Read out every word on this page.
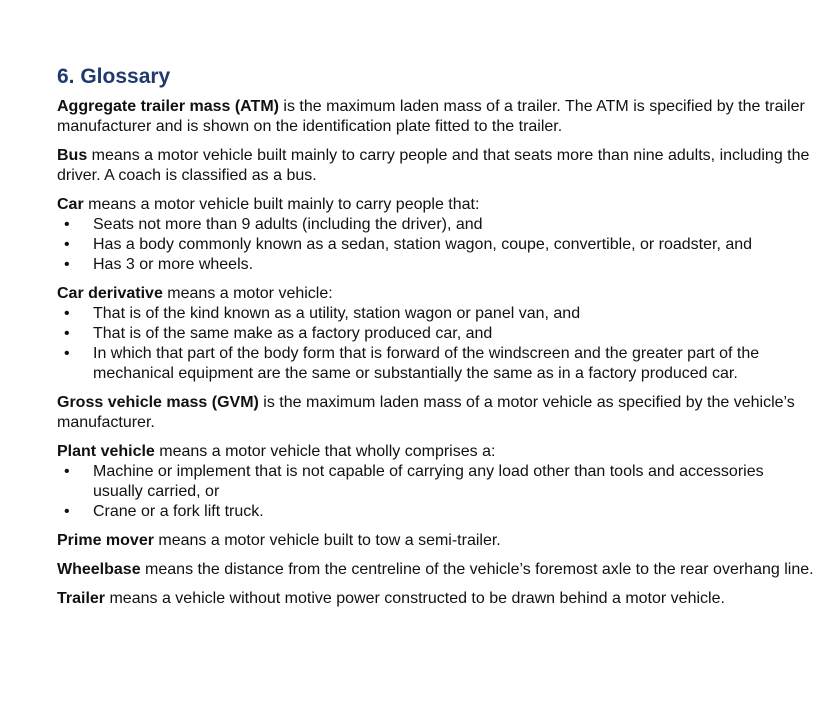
6. Glossary

Aggregate trailer mass (ATM) is the maximum laden mass of a trailer. The ATM is specified by the trailer manufacturer and is shown on the identification plate fitted to the trailer.

Bus means a motor vehicle built mainly to carry people and that seats more than nine adults, including the driver. A coach is classified as a bus.

Car means a motor vehicle built mainly to carry people that:

• Seats not more than 9 adults (including the driver), and
• Has a body commonly known as a sedan, station wagon, coupe, convertible, or roadster, and
• Has 3 or more wheels.

Car derivative means a motor vehicle:

• That is of the kind known as a utility, station wagon or panel van, and
• That is of the same make as a factory produced car, and
• In which that part of the body form that is forward of the windscreen and the greater part of the mechanical equipment are the same or substantially the same as in a factory produced car.

Gross vehicle mass (GVM) is the maximum laden mass of a motor vehicle as specified by the vehicle’s manufacturer.

Plant vehicle means a motor vehicle that wholly comprises a:

• Machine or implement that is not capable of carrying any load other than tools and accessories usually carried, or
• Crane or a fork lift truck.

Prime mover means a motor vehicle built to tow a semi-trailer.

Wheelbase means the distance from the centreline of the vehicle’s foremost axle to the rear overhang line.

Trailer means a vehicle without motive power constructed to be drawn behind a motor vehicle.
